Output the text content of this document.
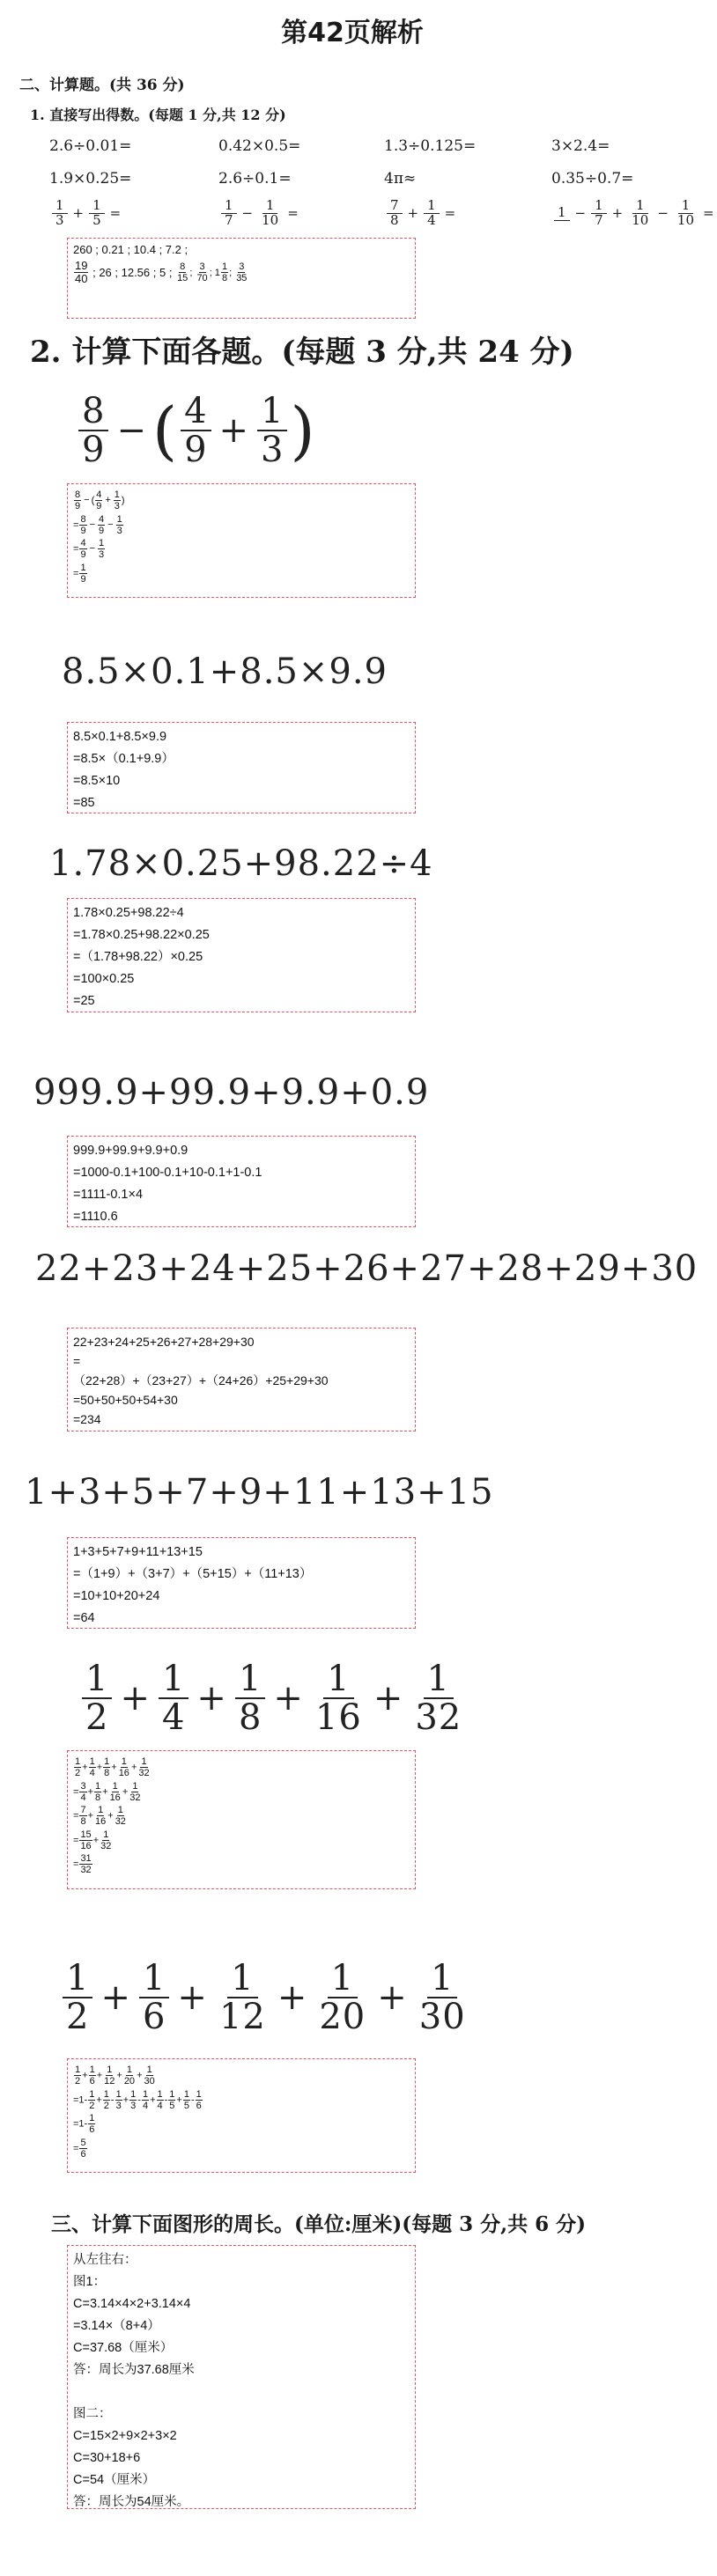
第42页解析
二、计算题。(共 36 分)
1. 直接写出得数。(每题 1 分,共 12 分)
2.6÷0.01=	0.42×0.5=	1.3÷0.125=	3×2.4=
1.9×0.25=	2.6÷0.1=	4π≈	0.35÷0.7=
$\frac{1}{3} + \frac{1}{5}$ =	$\frac{1}{7} - \frac{1}{10}$ =	$\frac{7}{8} + \frac{1}{4}$ =	$1 - \frac{1}{7} + \frac{1}{10} - \frac{1}{10}$ =
260 ; 0.21 ; 10.4 ; 7.2 ;
$\frac{19}{40}$
; 26 ; 12.56 ; 5 ;
$\frac{8}{15}$ ;
$\frac{3}{70}$ ; $1 \frac{1}{8}$ ;
$\frac{3}{35}$
2. 计算下面各题。(每题 3 分,共 24 分)
$\frac{8}{9}$ −( $\frac{4}{9} + \frac{1}{3}$ )
$\frac{8}{9}$ − ( $\frac{4}{9} + \frac{1}{3}$ )
= $\frac{8}{9} - \frac{4}{9} - \frac{1}{3}$
= $\frac{4}{9} - \frac{1}{3}$
= $\frac{1}{9}$
8.5×0.1+8.5×9.9
8.5×0.1+8.5×9.9
=8.5×（0.1+9.9）
=8.5×10
=85
1.78×0.25+98.22÷4
1.78×0.25+98.22÷4
=1.78×0.25+98.22×0.25
=（1.78+98.22）×0.25
=100×0.25
=25
999.9+99.9+9.9+0.9
999.9+99.9+9.9+0.9
=1000-0.1+100-0.1+10-0.1+1-0.1
=1111-0.1×4
=1110.6
22+23+24+25+26+27+28+29+30
22+23+24+25+26+27+28+29+30
=
（22+28）+（23+27）+（24+26）+25+29+30
=50+50+50+54+30
=234
1+3+5+7+9+11+13+15
1+3+5+7+9+11+13+15
=（1+9）+（3+7）+（5+15）+（11+13）
=10+10+20+24
=64
$\frac{1}{2} + \frac{1}{4} + \frac{1}{8} + \frac{1}{16} + \frac{1}{32}$
$\frac{1}{2} + \frac{1}{4} + \frac{1}{8} + \frac{1}{16} + \frac{1}{32}$
= $\frac{3}{4} + \frac{1}{8} + \frac{1}{16} + \frac{1}{32}$
= $\frac{7}{8} + \frac{1}{16} + \frac{1}{32}$
= $\frac{15}{16} + \frac{1}{32}$
= $\frac{31}{32}$
$\frac{1}{2} + \frac{1}{6} + \frac{1}{12} + \frac{1}{20} + \frac{1}{30}$
$\frac{1}{2} + \frac{1}{6} + \frac{1}{12} + \frac{1}{20} + \frac{1}{30}$
$=1- \frac{1}{2} + \frac{1}{2} - \frac{1}{3} + \frac{1}{3} - \frac{1}{4} + \frac{1}{4} - \frac{1}{5} + \frac{1}{5} - \frac{1}{6}$
$=1- \frac{1}{6}$
= $\frac{5}{6}$
三、计算下面图形的周长。(单位:厘米)(每题 3 分,共 6 分)
从左往右：
图1：
C=3.14×4×2+3.14×4
=3.14×（8+4）
C=37.68（厘米）
答：周长为37.68厘米
图二：
C=15×2+9×2+3×2
C=30+18+6
C=54（厘米）
答：周长为54厘米。
